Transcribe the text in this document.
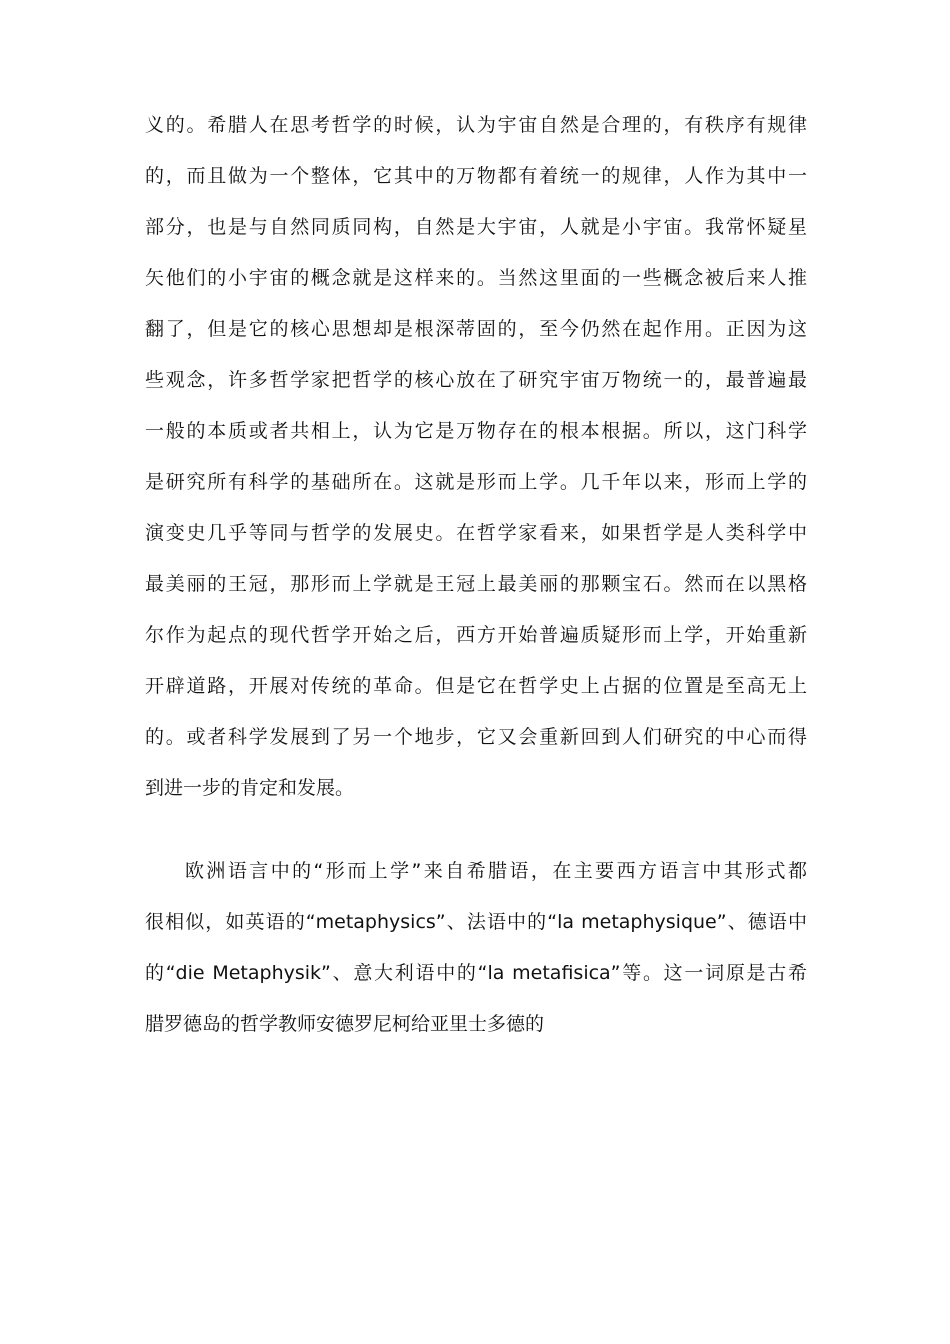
义的。希腊人在思考哲学的时候，认为宇宙自然是合理的，有秩序有规律
的，而且做为一个整体，它其中的万物都有着统一的规律，人作为其中一
部分，也是与自然同质同构，自然是大宇宙，人就是小宇宙。我常怀疑星
矢他们的小宇宙的概念就是这样来的。当然这里面的一些概念被后来人推
翻了，但是它的核心思想却是根深蒂固的，至今仍然在起作用。正因为这
些观念，许多哲学家把哲学的核心放在了研究宇宙万物统一的，最普遍最
一般的本质或者共相上，认为它是万物存在的根本根据。所以，这门科学
是研究所有科学的基础所在。这就是形而上学。几千年以来，形而上学的
演变史几乎等同与哲学的发展史。在哲学家看来，如果哲学是人类科学中
最美丽的王冠，那形而上学就是王冠上最美丽的那颗宝石。然而在以黑格
尔作为起点的现代哲学开始之后，西方开始普遍质疑形而上学，开始重新
开辟道路，开展对传统的革命。但是它在哲学史上占据的位置是至高无上
的。或者科学发展到了另一个地步，它又会重新回到人们研究的中心而得
到进一步的肯定和发展。
欧洲语言中的“形而上学”来自希腊语，在主要西方语言中其形式都
很相似，如英语的“metaphysics”、法语中的“la metaphysique”、德语中
的“die Metaphysik”、意大利语中的“la metafisica”等。这一词原是古希
腊罗德岛的哲学教师安德罗尼柯给亚里士多德的
